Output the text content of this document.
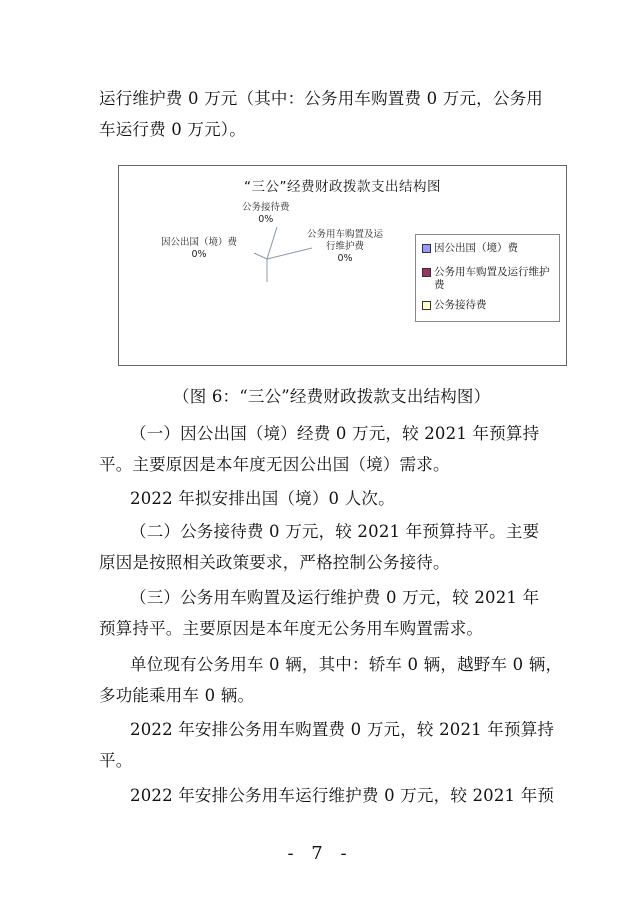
运行维护费 0 万元（其中：公务用车购置费 0 万元，公务用
车运行费 0 万元）。
“三公”经费财政拨款支出结构图
公务接待费
0%
因公出国（境）费
0%
公务用车购置及运
行维护费
0%
因公出国（境）费
公务用车购置及运行维护
费
公务接待费
（图 6：“三公”经费财政拨款支出结构图）
（一）因公出国（境）经费 0 万元，较 2021 年预算持
平。主要原因是本年度无因公出国（境）需求。
2022 年拟安排出国（境）0 人次。
（二）公务接待费 0 万元，较 2021 年预算持平。主要
原因是按照相关政策要求，严格控制公务接待。
（三）公务用车购置及运行维护费 0 万元，较 2021 年
预算持平。主要原因是本年度无公务用车购置需求。
单位现有公务用车 0 辆，其中：轿车 0 辆，越野车 0 辆，
多功能乘用车 0 辆。
2022 年安排公务用车购置费 0 万元，较 2021 年预算持
平。
2022 年安排公务用车运行维护费 0 万元，较 2021 年预
- 7 -
